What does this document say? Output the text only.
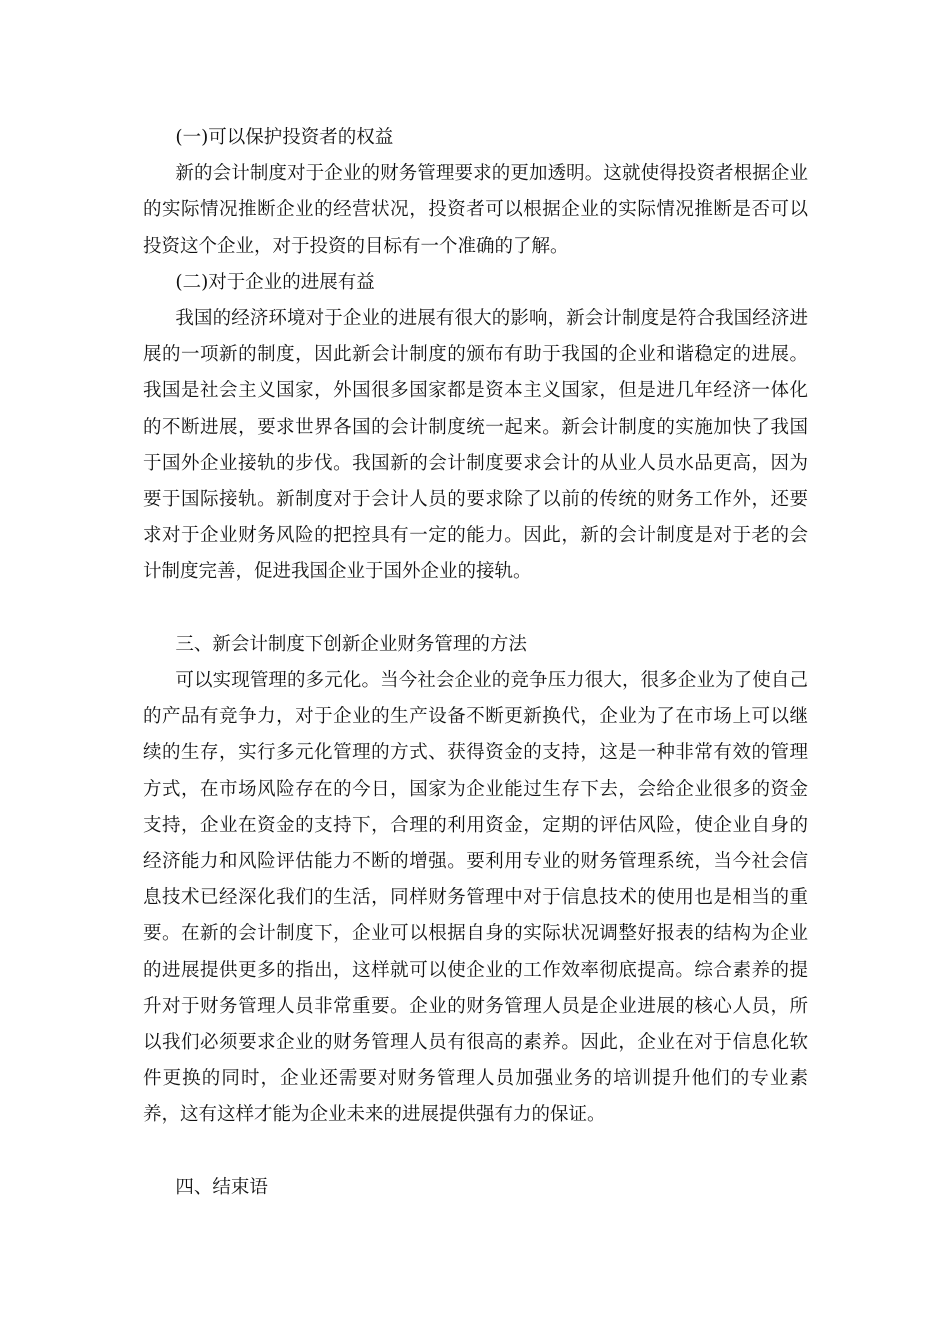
(一)可以保护投资者的权益

新的会计制度对于企业的财务管理要求的更加透明。这就使得投资者根据企业的实际情况推断企业的经营状况，投资者可以根据企业的实际情况推断是否可以投资这个企业，对于投资的目标有一个准确的了解。

(二)对于企业的进展有益

我国的经济环境对于企业的进展有很大的影响，新会计制度是符合我国经济进展的一项新的制度，因此新会计制度的颁布有助于我国的企业和谐稳定的进展。我国是社会主义国家，外国很多国家都是资本主义国家，但是进几年经济一体化的不断进展，要求世界各国的会计制度统一起来。新会计制度的实施加快了我国于国外企业接轨的步伐。我国新的会计制度要求会计的从业人员水品更高，因为要于国际接轨。新制度对于会计人员的要求除了以前的传统的财务工作外，还要求对于企业财务风险的把控具有一定的能力。因此，新的会计制度是对于老的会计制度完善，促进我国企业于国外企业的接轨。

三、新会计制度下创新企业财务管理的方法

可以实现管理的多元化。当今社会企业的竞争压力很大，很多企业为了使自己的产品有竞争力，对于企业的生产设备不断更新换代，企业为了在市场上可以继续的生存，实行多元化管理的方式、获得资金的支持，这是一种非常有效的管理方式，在市场风险存在的今日，国家为企业能过生存下去，会给企业很多的资金支持，企业在资金的支持下，合理的利用资金，定期的评估风险，使企业自身的经济能力和风险评估能力不断的增强。要利用专业的财务管理系统，当今社会信息技术已经深化我们的生活，同样财务管理中对于信息技术的使用也是相当的重要。在新的会计制度下，企业可以根据自身的实际状况调整好报表的结构为企业的进展提供更多的指出，这样就可以使企业的工作效率彻底提高。综合素养的提升对于财务管理人员非常重要。企业的财务管理人员是企业进展的核心人员，所以我们必须要求企业的财务管理人员有很高的素养。因此，企业在对于信息化软件更换的同时，企业还需要对财务管理人员加强业务的培训提升他们的专业素养，这有这样才能为企业未来的进展提供强有力的保证。

四、结束语
